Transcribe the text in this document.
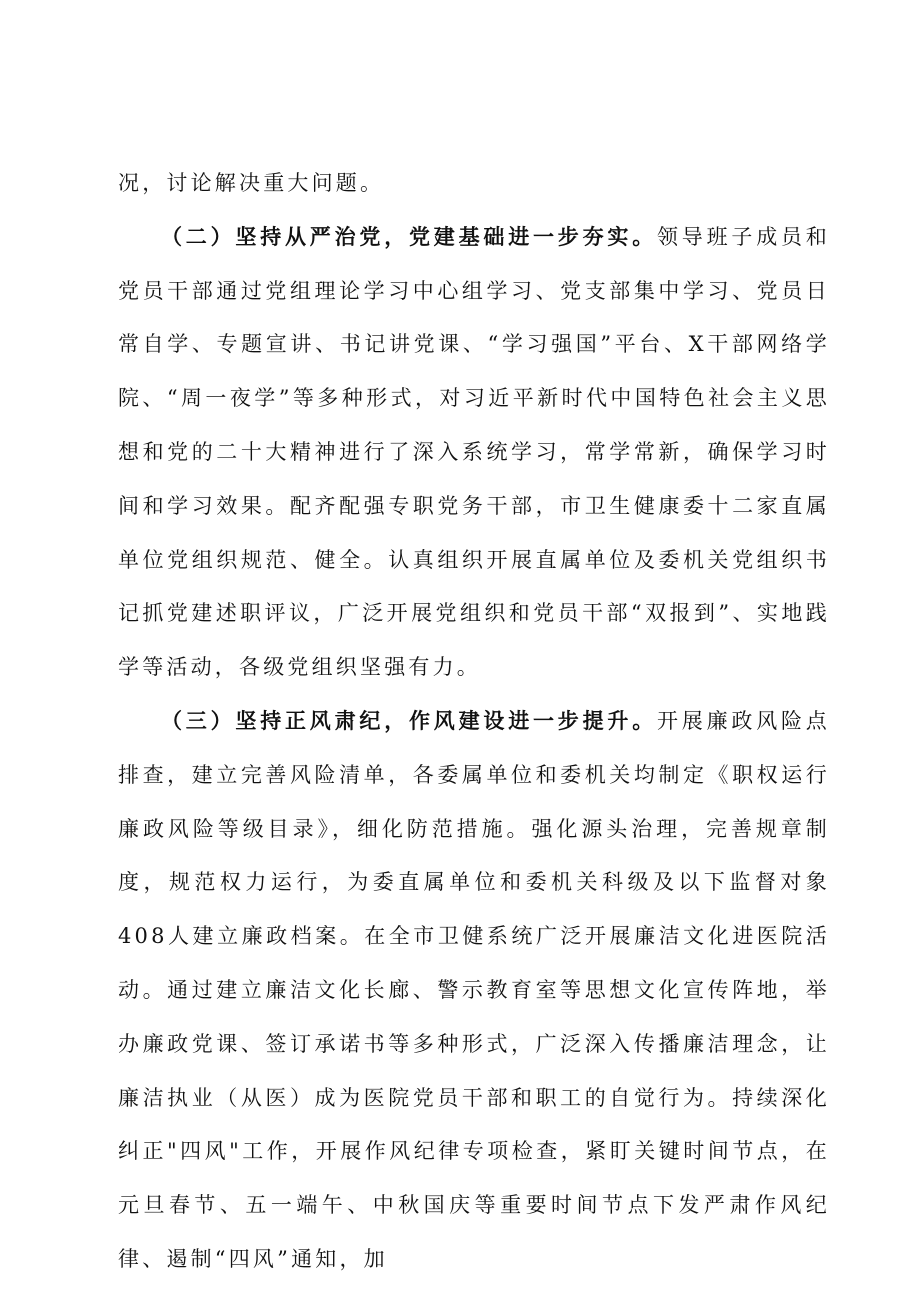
况，讨论解决重大问题。

（二）坚持从严治党，党建基础进一步夯实。领导班子成员和党员干部通过党组理论学习中心组学习、党支部集中学习、党员日常自学、专题宣讲、书记讲党课、“学习强国”平台、X干部网络学院、“周一夜学”等多种形式，对习近平新时代中国特色社会主义思想和党的二十大精神进行了深入系统学习，常学常新，确保学习时间和学习效果。配齐配强专职党务干部，市卫生健康委十二家直属单位党组织规范、健全。认真组织开展直属单位及委机关党组织书记抓党建述职评议，广泛开展党组织和党员干部“双报到”、实地践学等活动，各级党组织坚强有力。

（三）坚持正风肃纪，作风建设进一步提升。开展廉政风险点排查，建立完善风险清单，各委属单位和委机关均制定《职权运行廉政风险等级目录》，细化防范措施。强化源头治理，完善规章制度，规范权力运行，为委直属单位和委机关科级及以下监督对象408人建立廉政档案。在全市卫健系统广泛开展廉洁文化进医院活动。通过建立廉洁文化长廊、警示教育室等思想文化宣传阵地，举办廉政党课、签订承诺书等多种形式，广泛深入传播廉洁理念，让廉洁执业（从医）成为医院党员干部和职工的自觉行为。持续深化纠正"四风"工作，开展作风纪律专项检查，紧盯关键时间节点，在元旦春节、五一端午、中秋国庆等重要时间节点下发严肃作风纪律、遏制“四风”通知，加
